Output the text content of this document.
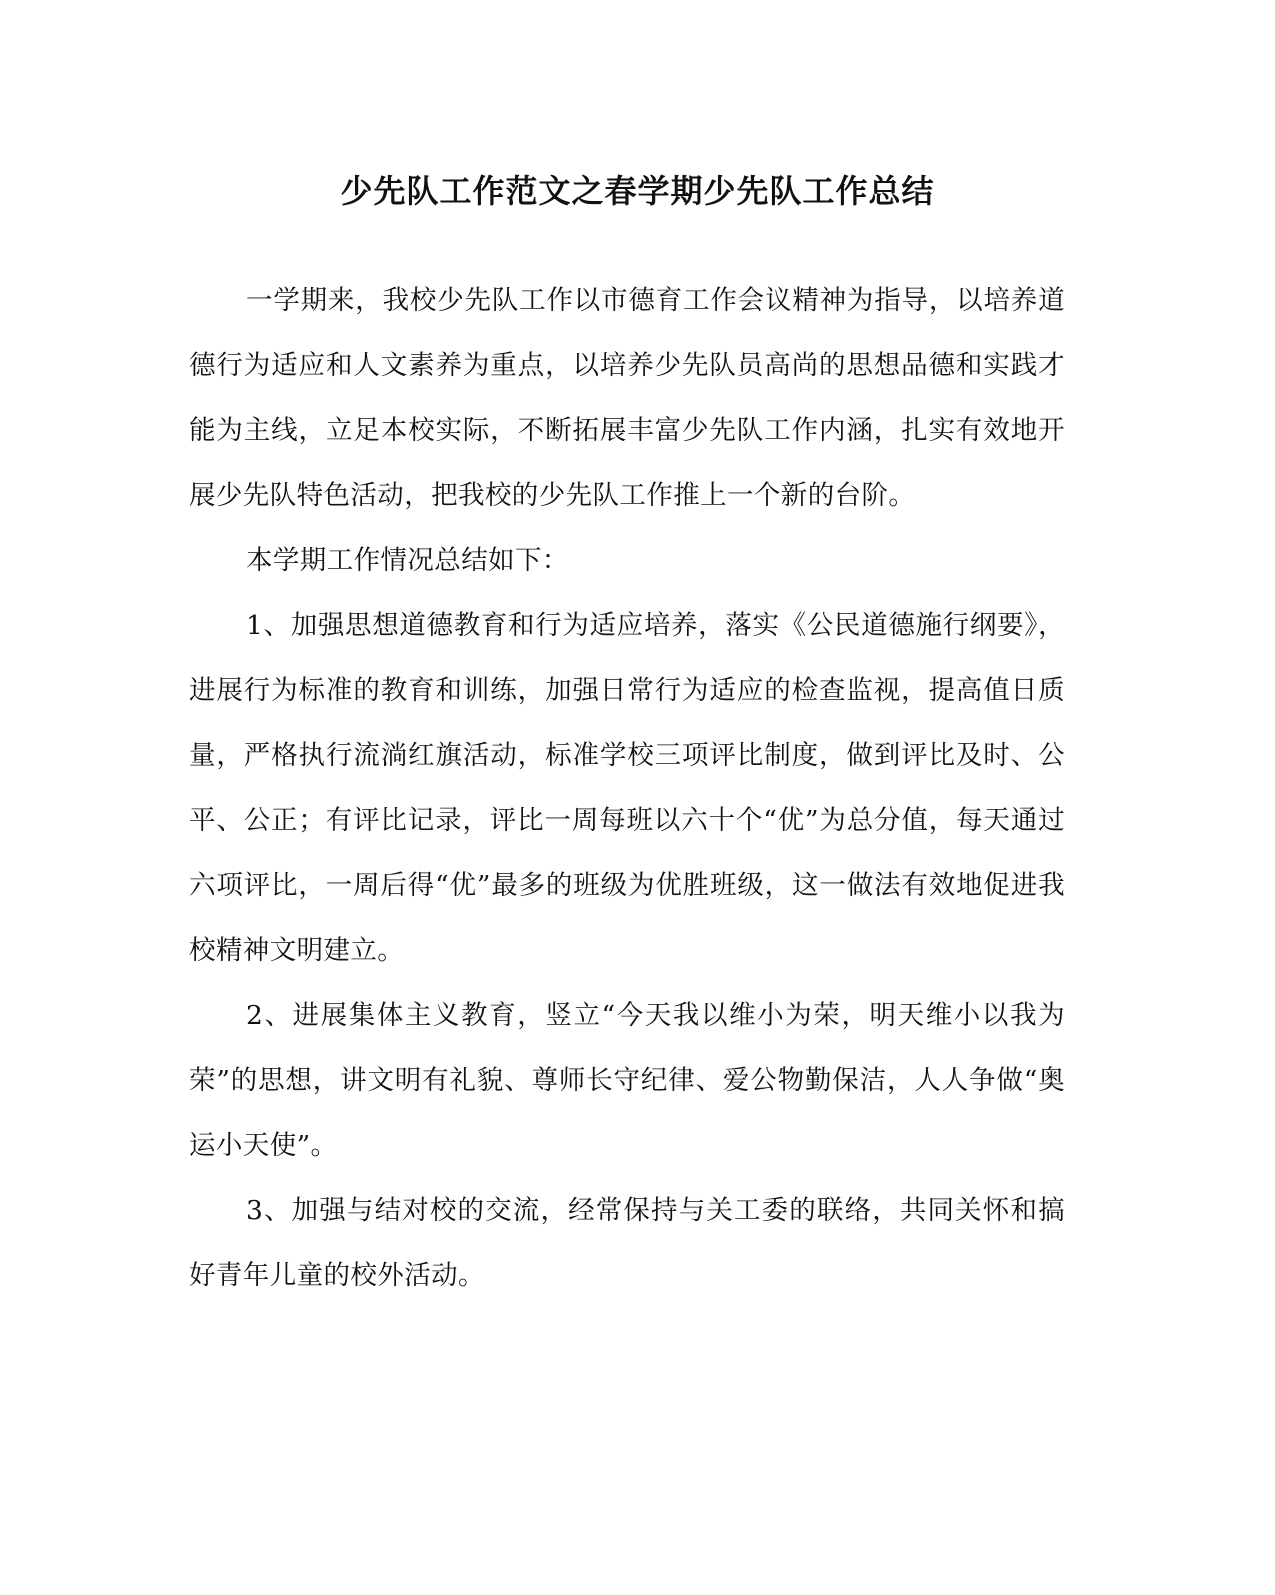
少先队工作范文之春学期少先队工作总结

一学期来，我校少先队工作以市德育工作会议精神为指导，以培养道德行为适应和人文素养为重点，以培养少先队员高尚的思想品德和实践才能为主线，立足本校实际，不断拓展丰富少先队工作内涵，扎实有效地开展少先队特色活动，把我校的少先队工作推上一个新的台阶。

本学期工作情况总结如下：

1、加强思想道德教育和行为适应培养，落实《公民道德施行纲要》，进展行为标准的教育和训练，加强日常行为适应的检查监视，提高值日质量，严格执行流淌红旗活动，标准学校三项评比制度，做到评比及时、公平、公正；有评比记录，评比一周每班以六十个“优”为总分值，每天通过六项评比，一周后得“优”最多的班级为优胜班级，这一做法有效地促进我校精神文明建立。

2、进展集体主义教育，竖立“今天我以维小为荣，明天维小以我为荣”的思想，讲文明有礼貌、尊师长守纪律、爱公物勤保洁，人人争做“奥运小天使”。

3、加强与结对校的交流，经常保持与关工委的联络，共同关怀和搞好青年儿童的校外活动。
